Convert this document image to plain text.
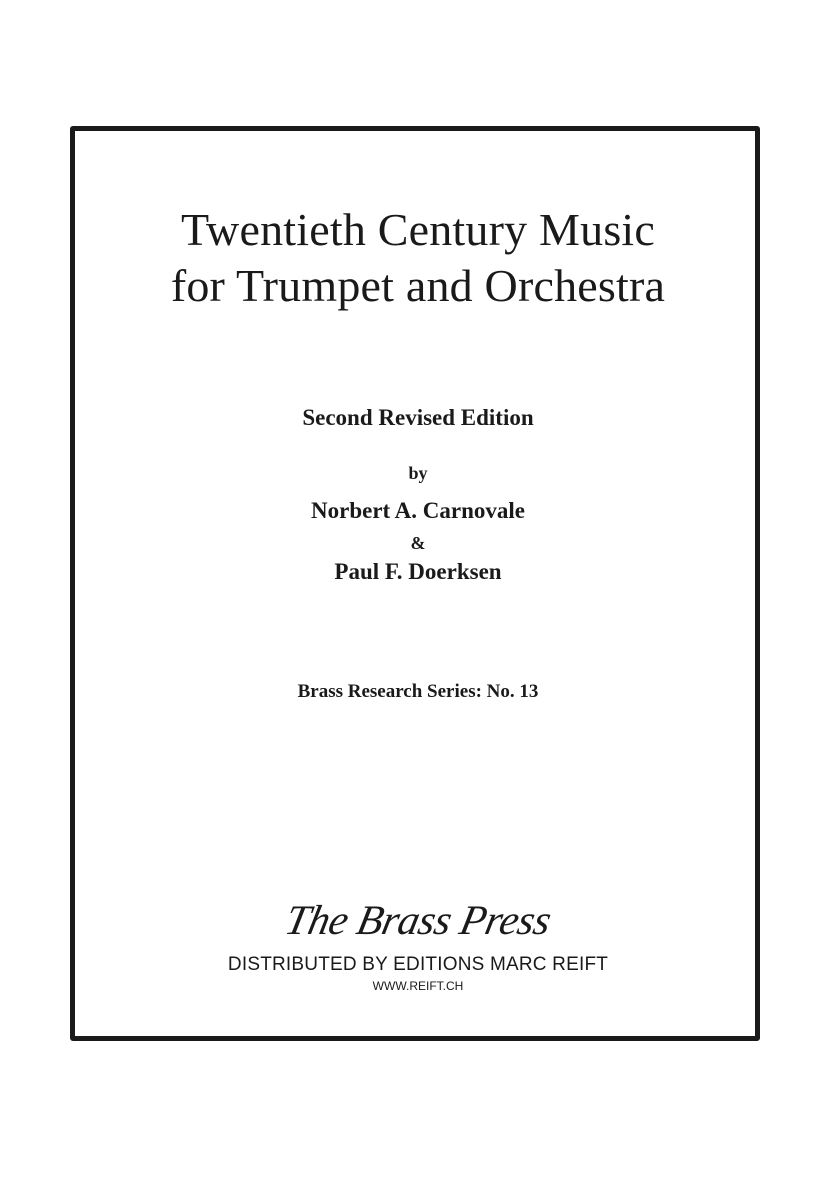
Twentieth Century Music
for Trumpet and Orchestra
Second Revised Edition
by
Norbert A. Carnovale
&
Paul F. Doerksen
Brass Research Series: No. 13
The Brass Press
DISTRIBUTED BY EDITIONS MARC REIFT
WWW.REIFT.CH
